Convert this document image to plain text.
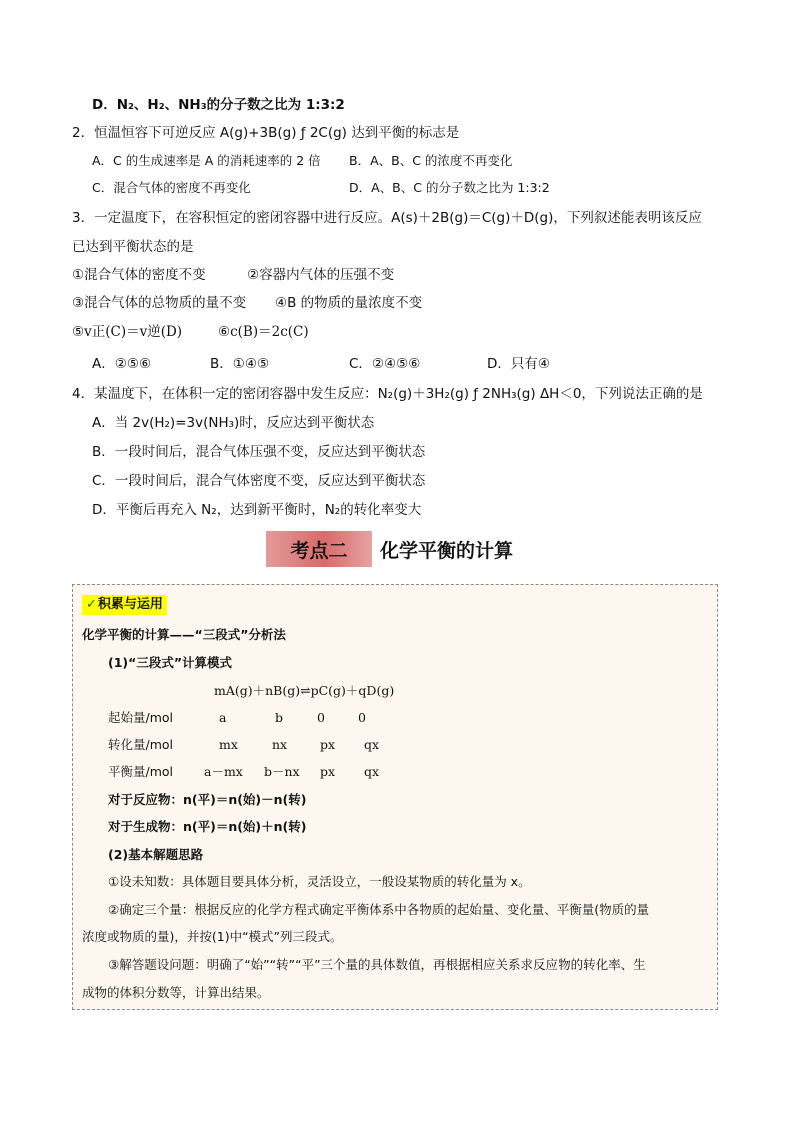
D．N₂、H₂、NH₃的分子数之比为 1:3:2
2．恒温恒容下可逆反应 A(g)+3B(g) ƒ 2C(g) 达到平衡的标志是
A．C 的生成速率是 A 的消耗速率的 2 倍 B．A、B、C 的浓度不再变化
C．混合气体的密度不再变化	D．A、B、C 的分子数之比为 1:3:2
3．一定温度下，在容积恒定的密闭容器中进行反应。A(s)＋2B(g)＝C(g)＋D(g)，下列叙述能表明该反应
已达到平衡状态的是
①混合气体的密度不变	②容器内气体的压强不变
③混合气体的总物质的量不变 ④B 的物质的量浓度不变
⑤v正(C)＝v逆(D)	⑥c(B)＝2c(C)
A．②⑤⑥	B．①④⑤	C．②④⑤⑥	D．只有④
4．某温度下，在体积一定的密闭容器中发生反应：N₂(g)＋3H₂(g) ƒ 2NH₃(g) ΔH＜0，下列说法正确的是
A．当 2v(H₂)=3v(NH₃)时，反应达到平衡状态
B．一段时间后，混合气体压强不变，反应达到平衡状态
C．一段时间后，混合气体密度不变，反应达到平衡状态
D．平衡后再充入 N₂，达到新平衡时，N₂的转化率变大
考点二	化学平衡的计算
✓积累与运用
化学平衡的计算——“三段式”分析法
(1)“三段式”计算模式
mA(g)＋nB(g)⇌pC(g)＋qD(g)
起始量/mol	a	b	0	0
转化量/mol	mx	nx	px qx
平衡量/mol a－mx b－nx px qx
对于反应物：n(平)＝n(始)－n(转)
对于生成物：n(平)＝n(始)＋n(转)
(2)基本解题思路
①设未知数：具体题目要具体分析，灵活设立，一般设某物质的转化量为 x。
②确定三个量：根据反应的化学方程式确定平衡体系中各物质的起始量、变化量、平衡量(物质的量
浓度或物质的量)，并按(1)中“模式”列三段式。
③解答题设问题：明确了“始”“转”“平”三个量的具体数值，再根据相应关系求反应物的转化率、生
成物的体积分数等，计算出结果。
